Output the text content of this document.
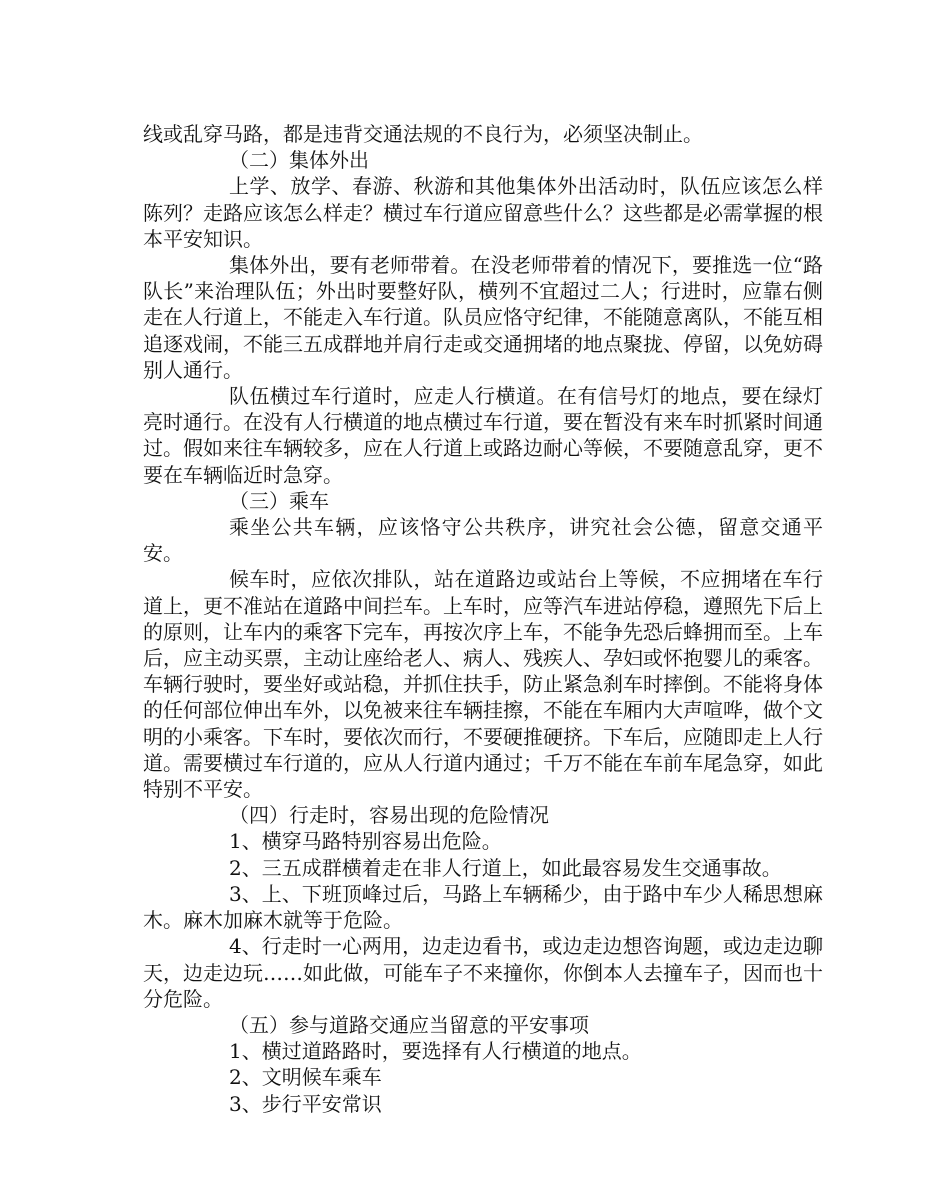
线或乱穿马路，都是违背交通法规的不良行为，必须坚决制止。

（二）集体外出

上学、放学、春游、秋游和其他集体外出活动时，队伍应该怎么样陈列？走路应该怎么样走？横过车行道应留意些什么？这些都是必需掌握的根本平安知识。

集体外出，要有老师带着。在没老师带着的情况下，要推选一位“路队长”来治理队伍；外出时要整好队，横列不宜超过二人；行进时，应靠右侧走在人行道上，不能走入车行道。队员应恪守纪律，不能随意离队，不能互相追逐戏闹，不能三五成群地并肩行走或交通拥堵的地点聚拢、停留，以免妨碍别人通行。

队伍横过车行道时，应走人行横道。在有信号灯的地点，要在绿灯亮时通行。在没有人行横道的地点横过车行道，要在暂没有来车时抓紧时间通过。假如来往车辆较多，应在人行道上或路边耐心等候，不要随意乱穿，更不要在车辆临近时急穿。

（三）乘车

乘坐公共车辆，应该恪守公共秩序，讲究社会公德，留意交通平安。

候车时，应依次排队，站在道路边或站台上等候，不应拥堵在车行道上，更不准站在道路中间拦车。上车时，应等汽车进站停稳，遵照先下后上的原则，让车内的乘客下完车，再按次序上车，不能争先恐后蜂拥而至。上车后，应主动买票，主动让座给老人、病人、残疾人、孕妇或怀抱婴儿的乘客。车辆行驶时，要坐好或站稳，并抓住扶手，防止紧急刹车时摔倒。不能将身体的任何部位伸出车外，以免被来往车辆挂擦，不能在车厢内大声喧哗，做个文明的小乘客。下车时，要依次而行，不要硬推硬挤。下车后，应随即走上人行道。需要横过车行道的，应从人行道内通过；千万不能在车前车尾急穿，如此特别不平安。

（四）行走时，容易出现的危险情况

1、横穿马路特别容易出危险。

2、三五成群横着走在非人行道上，如此最容易发生交通事故。

3、上、下班顶峰过后，马路上车辆稀少，由于路中车少人稀思想麻木。麻木加麻木就等于危险。

4、行走时一心两用，边走边看书，或边走边想咨询题，或边走边聊天，边走边玩……如此做，可能车子不来撞你，你倒本人去撞车子，因而也十分危险。

（五）参与道路交通应当留意的平安事项

1、横过道路路时，要选择有人行横道的地点。

2、文明候车乘车

3、步行平安常识
